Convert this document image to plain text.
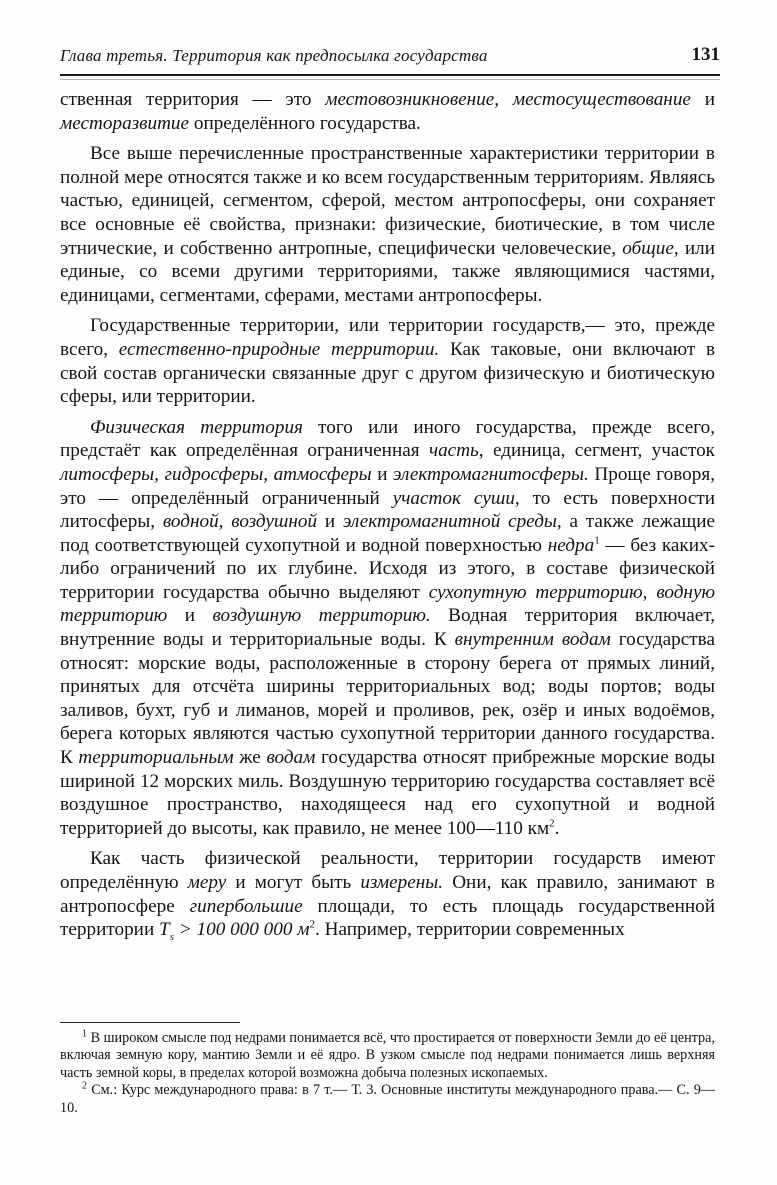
Глава третья. Территория как предпосылка государства	131

ственная территория — это местовозникновение, местосуществование и месторазвитие определённого государства.

Все выше перечисленные пространственные характеристики территории в полной мере относятся также и ко всем государственным территориям. Являясь частью, единицей, сегментом, сферой, местом антропосферы, они сохраняет все основные её свойства, признаки: физические, биотические, в том числе этнические, и собственно антропные, специфически человеческие, общие, или единые, со всеми другими территориями, также являющимися частями, единицами, сегментами, сферами, местами антропосферы.

Государственные территории, или территории государств,— это, прежде всего, естественно-природные территории. Как таковые, они включают в свой состав органически связанные друг с другом физическую и биотическую сферы, или территории.

Физическая территория того или иного государства, прежде всего, предстаёт как определённая ограниченная часть, единица, сегмент, участок литосферы, гидросферы, атмосферы и электромагнитосферы. Проще говоря, это — определённый ограниченный участок суши, то есть поверхности литосферы, водной, воздушной и электромагнитной среды, а также лежащие под соответствующей сухопутной и водной поверхностью недра$^1$ — без каких-либо ограничений по их глубине. Исходя из этого, в составе физической территории государства обычно выделяют сухопутную территорию, водную территорию и воздушную территорию. Водная территория включает, внутренние воды и территориальные воды. К внутренним водам государства относят: морские воды, расположенные в сторону берега от прямых линий, принятых для отсчёта ширины территориальных вод; воды портов; воды заливов, бухт, губ и лиманов, морей и проливов, рек, озёр и иных водоёмов, берега которых являются частью сухопутной территории данного государства. К территориальным же водам государства относят прибрежные морские воды шириной 12 морских миль. Воздушную территорию государства составляет всё воздушное пространство, находящееся над его сухопутной и водной территорией до высоты, как правило, не менее 100—110 $км^2$.

Как часть физической реальности, территории государств имеют определённую меру и могут быть измерены. Они, как правило, занимают в антропосфере гипербольшие площади, то есть площадь государственной территории $T_s > 100$ 000 000 $м^2$. Например, территории современных

$^1$ В широком смысле под недрами понимается всё, что простирается от поверхности Земли до её центра, включая земную кору, мантию Земли и её ядро. В узком смысле под недрами понимается лишь верхняя часть земной коры, в пределах которой возможна добыча полезных ископаемых.

$^2$ См.: Курс международного права: в 7 т.— Т. 3. Основные институты международного права.— С. 9—10.
